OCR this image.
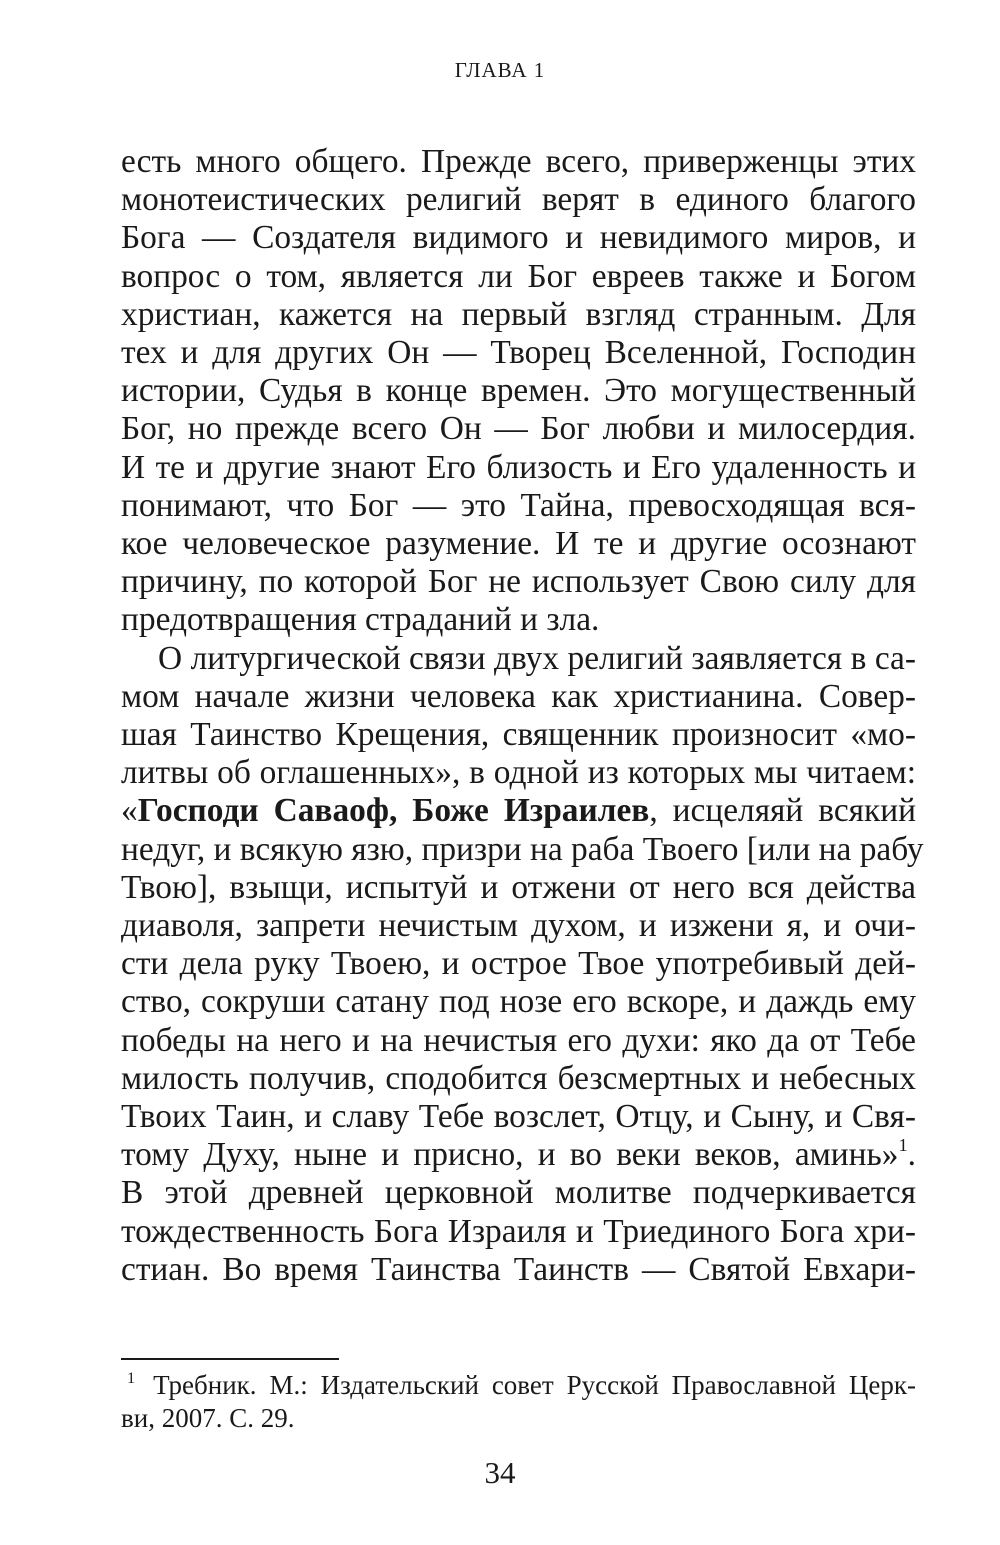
ГЛАВА 1
есть много общего. Прежде всего, приверженцы этих
монотеистических религий верят в единого благого
Бога — Создателя видимого и невидимого миров, и
вопрос о том, является ли Бог евреев также и Богом
христиан, кажется на первый взгляд странным. Для
тех и для других Он — Творец Вселенной, Господин
истории, Судья в конце времен. Это могущественный
Бог, но прежде всего Он — Бог любви и милосердия.
И те и другие знают Его близость и Его удаленность и
понимают, что Бог — это Тайна, превосходящая вся-
кое человеческое разумение. И те и другие осознают
причину, по которой Бог не использует Свою силу для
предотвращения страданий и зла.
О литургической связи двух религий заявляется в са-
мом начале жизни человека как христианина. Совер-
шая Таинство Крещения, священник произносит «мо-
литвы об оглашенных», в одной из которых мы читаем:
«Господи Саваоф, Боже Израилев, исцеляяй всякий
недуг, и всякую язю, призри на раба Твоего [или на рабу
Твою], взыщи, испытуй и отжени от него вся действа
диаволя, запрети нечистым духом, и изжени я, и очи-
сти дела руку Твоею, и острое Твое употребивый дей-
ство, сокруши сатану под нозе его вскоре, и даждь ему
победы на него и на нечистыя его духи: яко да от Тебе
милость получив, сподобится безсмертных и небесных
Твоих Таин, и славу Тебе возслет, Отцу, и Сыну, и Свя-
тому Духу, ныне и присно, и во веки веков, аминь»$^1$.
В этой древней церковной молитве подчеркивается
тождественность Бога Израиля и Триединого Бога хри-
стиан. Во время Таинства Таинств — Святой Евхари-
$^1$ Требник. М.: Издательский совет Русской Православной Церк-
ви, 2007. С. 29.
34
